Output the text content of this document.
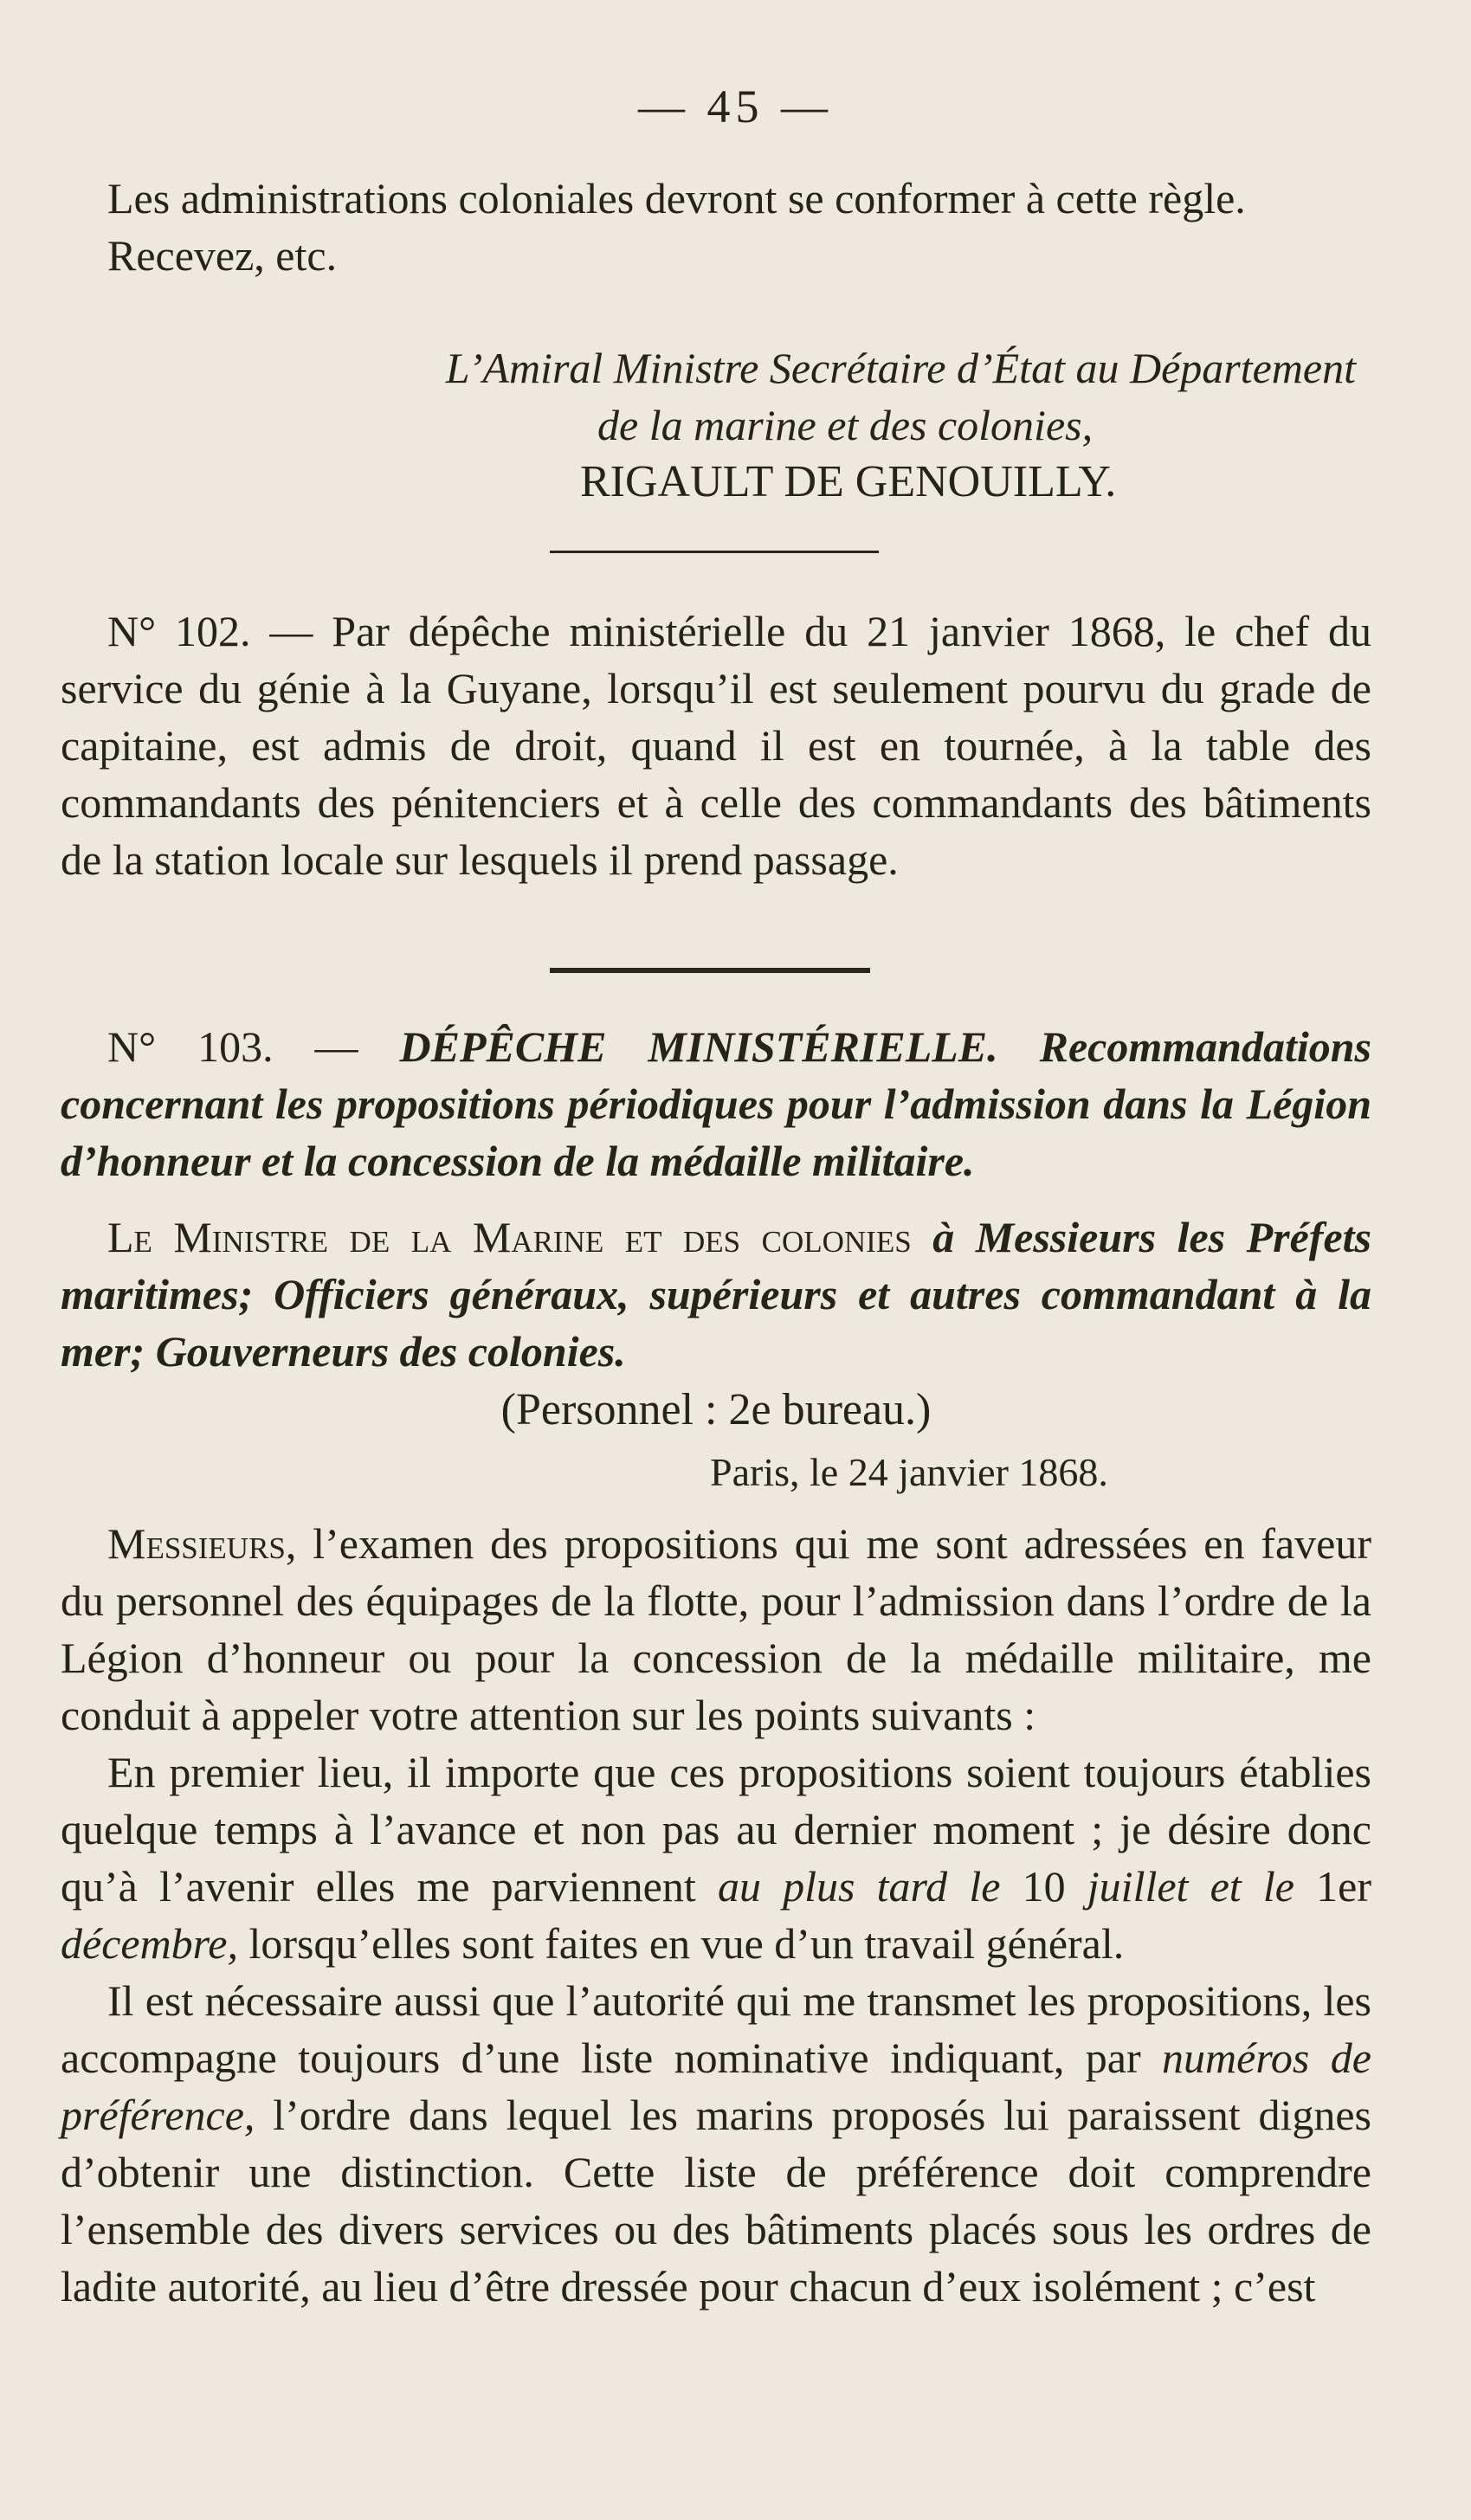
— 45 —

Les administrations coloniales devront se conformer à cette règle.

Recevez, etc.

L’Amiral Ministre Secrétaire d’État au Département

de la marine et des colonies,

RIGAULT DE GENOUILLY.

N° 102. — Par dépêche ministérielle du 21 janvier 1868, le chef du service du génie à la Guyane, lorsqu’il est seulement pourvu du grade de capitaine, est admis de droit, quand il est en tournée, à la table des commandants des pénitenciers et à celle des commandants des bâtiments de la station locale sur lesquels il prend passage.

N° 103. — DÉPÊCHE MINISTÉRIELLE. Recommandations concernant les propositions périodiques pour l’admission dans la Légion d’honneur et la concession de la médaille militaire.

Le Ministre de la Marine et des colonies à Messieurs les Préfets maritimes; Officiers généraux, supérieurs et autres commandant à la mer; Gouverneurs des colonies.

(Personnel : 2e bureau.)
Paris, le 24 janvier 1868.

Messieurs, l’examen des propositions qui me sont adressées en faveur du personnel des équipages de la flotte, pour l’admission dans l’ordre de la Légion d’honneur ou pour la concession de la médaille militaire, me conduit à appeler votre attention sur les points suivants :

En premier lieu, il importe que ces propositions soient toujours établies quelque temps à l’avance et non pas au dernier moment ; je désire donc qu’à l’avenir elles me parviennent au plus tard le 10 juillet et le 1er décembre, lorsqu’elles sont faites en vue d’un travail général.

Il est nécessaire aussi que l’autorité qui me transmet les propositions, les accompagne toujours d’une liste nominative indiquant, par numéros de préférence, l’ordre dans lequel les marins proposés lui paraissent dignes d’obtenir une distinction. Cette liste de préférence doit comprendre l’ensemble des divers services ou des bâtiments placés sous les ordres de ladite autorité, au lieu d’être dressée pour chacun d’eux isolément ; c’est
